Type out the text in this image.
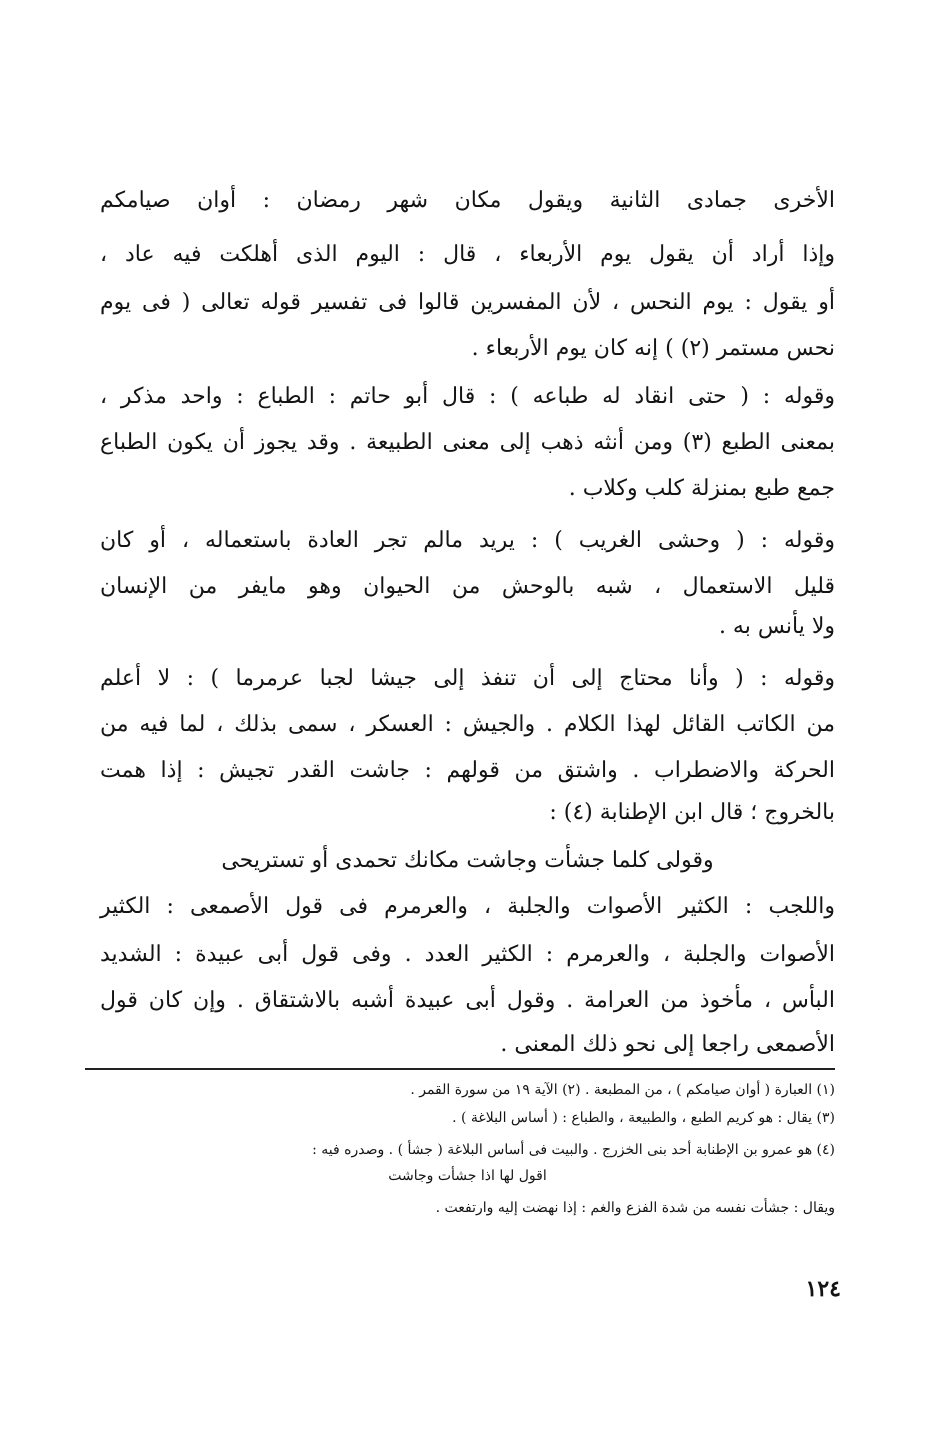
الأخرى جمادى الثانية ويقول مكان شهر رمضان : أوان صيامكم
وإذا أراد أن يقول يوم الأربعاء ، قال : اليوم الذى أهلكت فيه عاد ،
أو يقول : يوم النحس ، لأن المفسرين قالوا فى تفسير قوله تعالى ( فى يوم
نحس مستمر (٢) ) إنه كان يوم الأربعاء .
وقوله : ( حتى انقاد له طباعه ) : قال أبو حاتم : الطباع : واحد مذكر ،
بمعنى الطبع (٣) ومن أنثه ذهب إلى معنى الطبيعة . وقد يجوز أن يكون الطباع
جمع طبع بمنزلة كلب وكلاب .
وقوله : ( وحشى الغريب ) : يريد مالم تجر العادة باستعماله ، أو كان
قليل الاستعمال ، شبه بالوحش من الحيوان وهو مايفر من الإنسان
ولا يأنس به .
وقوله : ( وأنا محتاج إلى أن تنفذ إلى جيشا لجبا عرمرما ) : لا أعلم
من الكاتب القائل لهذا الكلام . والجيش : العسكر ، سمى بذلك ، لما فيه من
الحركة والاضطراب . واشتق من قولهم : جاشت القدر تجيش : إذا همت
بالخروج ؛ قال ابن الإطنابة (٤) :
وقولى كلما جشأت وجاشت مكانك تحمدى أو تستريحى
واللجب : الكثير الأصوات والجلبة ، والعرمرم فى قول الأصمعى : الكثير
الأصوات والجلبة ، والعرمرم : الكثير العدد . وفى قول أبى عبيدة : الشديد
البأس ، مأخوذ من العرامة . وقول أبى عبيدة أشبه بالاشتقاق . وإن كان قول
الأصمعى راجعا إلى نحو ذلك المعنى .
(١) العبارة ( أوان صيامكم ) ، من المطبعة . (٢) الآية ١٩ من سورة القمر .
(٣) يقال : هو كريم الطبع ، والطبيعة ، والطباع : ( أساس البلاغة ) .
(٤) هو عمرو بن الإطنابة أحد بنى الخزرج . والبيت فى أساس البلاغة ( جشأ ) . وصدره فيه :
اقول لها اذا جشأت وجاشت
ويقال : جشأت نفسه من شدة الفزع والغم : إذا نهضت إليه وارتفعت .
١٢٤
